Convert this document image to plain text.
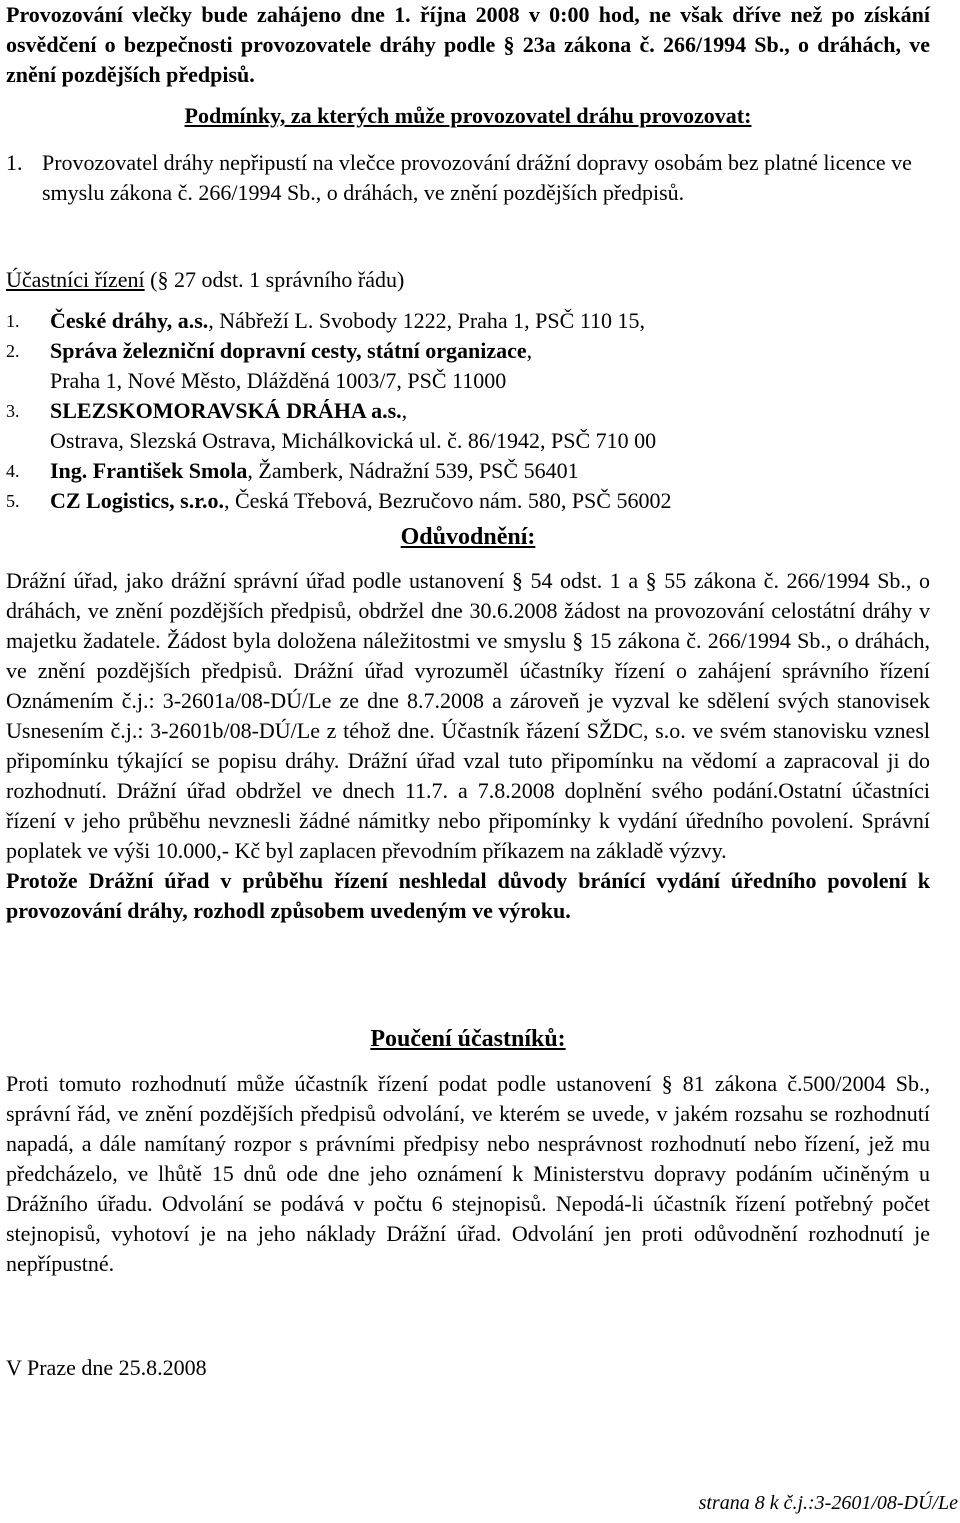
Provozování vlečky bude zahájeno dne 1. října 2008 v 0:00 hod, ne však dříve než po získání osvědčení o bezpečnosti provozovatele dráhy podle § 23a zákona č. 266/1994 Sb., o dráhách, ve znění pozdějších předpisů.

Podmínky, za kterých může provozovatel dráhu provozovat:

1. Provozovatel dráhy nepřipustí na vlečce provozování drážní dopravy osobám bez platné licence ve smyslu zákona č. 266/1994 Sb., o dráhách, ve znění pozdějších předpisů.

Účastníci řízení (§ 27 odst. 1 správního řádu)

1. České dráhy, a.s., Nábřeží L. Svobody 1222, Praha 1, PSČ 110 15,
2. Správa železniční dopravní cesty, státní organizace,
Praha 1, Nové Město, Dlážděná 1003/7, PSČ 11000
3. SLEZSKOMORAVSKÁ DRÁHA a.s.,
Ostrava, Slezská Ostrava, Michálkovická ul. č. 86/1942, PSČ 710 00
4. Ing. František Smola, Žamberk, Nádražní 539, PSČ 56401
5. CZ Logistics, s.r.o., Česká Třebová, Bezručovo nám. 580, PSČ 56002

Odůvodnění:

Drážní úřad, jako drážní správní úřad podle ustanovení § 54 odst. 1 a § 55 zákona č. 266/1994 Sb., o dráhách, ve znění pozdějších předpisů, obdržel dne 30.6.2008 žádost na provozování celostátní dráhy v majetku žadatele. Žádost byla doložena náležitostmi ve smyslu § 15 zákona č. 266/1994 Sb., o dráhách, ve znění pozdějších předpisů. Drážní úřad vyrozuměl účastníky řízení o zahájení správního řízení Oznámením č.j.: 3-2601a/08-DÚ/Le ze dne 8.7.2008 a zároveň je vyzval ke sdělení svých stanovisek Usnesením č.j.: 3-2601b/08-DÚ/Le z téhož dne. Účastník řázení SŽDC, s.o. ve svém stanovisku vznesl připomínku týkající se popisu dráhy. Drážní úřad vzal tuto připomínku na vědomí a zapracoval ji do rozhodnutí. Drážní úřad obdržel ve dnech 11.7. a 7.8.2008 doplnění svého podání.Ostatní účastníci řízení v jeho průběhu nevznesli žádné námitky nebo připomínky k vydání úředního povolení. Správní poplatek ve výši 10.000,- Kč byl zaplacen převodním příkazem na základě výzvy.

Protože Drážní úřad v průběhu řízení neshledal důvody bránící vydání úředního povolení k provozování dráhy, rozhodl způsobem uvedeným ve výroku.

Poučení účastníků:

Proti tomuto rozhodnutí může účastník řízení podat podle ustanovení § 81 zákona č.500/2004 Sb., správní řád, ve znění pozdějších předpisů odvolání, ve kterém se uvede, v jakém rozsahu se rozhodnutí napadá, a dále namítaný rozpor s právními předpisy nebo nesprávnost rozhodnutí nebo řízení, jež mu předcházelo, ve lhůtě 15 dnů ode dne jeho oznámení k Ministerstvu dopravy podáním učiněným u Drážního úřadu. Odvolání se podává v počtu 6 stejnopisů. Nepodá-li účastník řízení potřebný počet stejnopisů, vyhotoví je na jeho náklady Drážní úřad. Odvolání jen proti odůvodnění rozhodnutí je nepřípustné.

V Praze dne 25.8.2008

strana 8 k č.j.:3-2601/08-DÚ/Le
